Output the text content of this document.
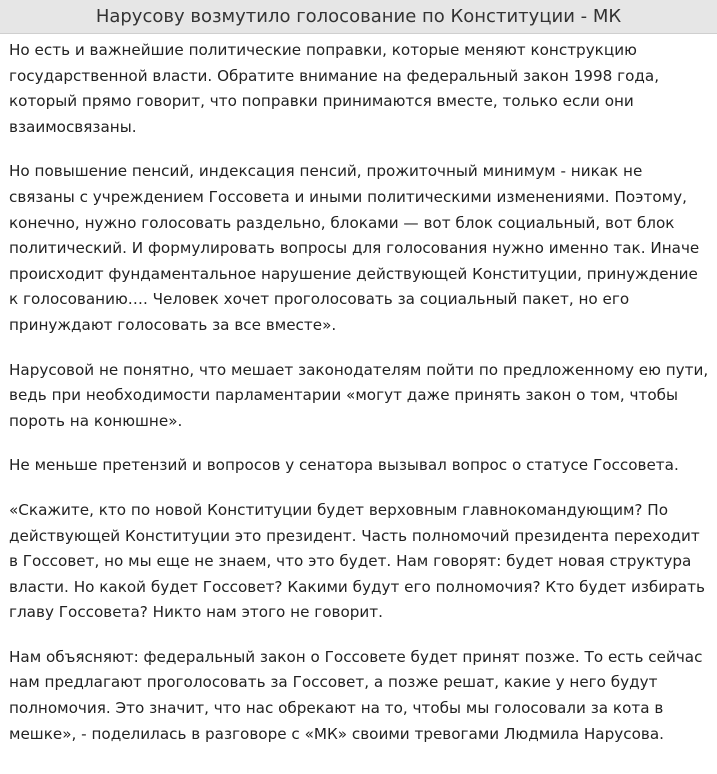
Нарусову возмутило голосование по Конституции - МК

Но есть и важнейшие политические поправки, которые меняют конструкцию государственной власти. Обратите внимание на федеральный закон 1998 года, который прямо говорит, что поправки принимаются вместе, только если они взаимосвязаны.

Но повышение пенсий, индексация пенсий, прожиточный минимум - никак не связаны с учреждением Госсовета и иными политическими изменениями. Поэтому, конечно, нужно голосовать раздельно, блоками — вот блок социальный, вот блок политический. И формулировать вопросы для голосования нужно именно так. Иначе происходит фундаментальное нарушение действующей Конституции, принуждение к голосованию…. Человек хочет проголосовать за социальный пакет, но его принуждают голосовать за все вместе».

Нарусовой не понятно, что мешает законодателям пойти по предложенному ею пути, ведь при необходимости парламентарии «могут даже принять закон о том, чтобы пороть на конюшне».

Не меньше претензий и вопросов у сенатора вызывал вопрос о статусе Госсовета.

«Скажите, кто по новой Конституции будет верховным главнокомандующим? По действующей Конституции это президент. Часть полномочий президента переходит в Госсовет, но мы еще не знаем, что это будет. Нам говорят: будет новая структура власти. Но какой будет Госсовет? Какими будут его полномочия? Кто будет избирать главу Госсовета? Никто нам этого не говорит.

Нам объясняют: федеральный закон о Госсовете будет принят позже. То есть сейчас нам предлагают проголосовать за Госсовет, а позже решат, какие у него будут полномочия. Это значит, что нас обрекают на то, чтобы мы голосовали за кота в мешке», - поделилась в разговоре с «МК» своими тревогами Людмила Нарусова.
